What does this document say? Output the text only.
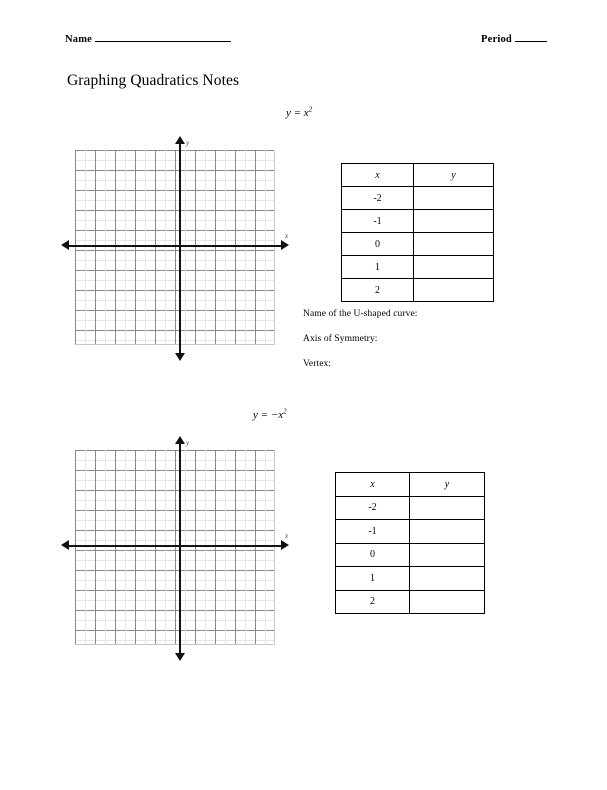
Name	Period
Graphing Quadratics Notes
$y = x^2$
y
x
x	y
-2	
-1	
0	
1	
2	
Name of the U-shaped curve:
Axis of Symmetry:
Vertex:
$y = -x^2$
y
x
x	y
-2	
-1	
0	
1	
2	
